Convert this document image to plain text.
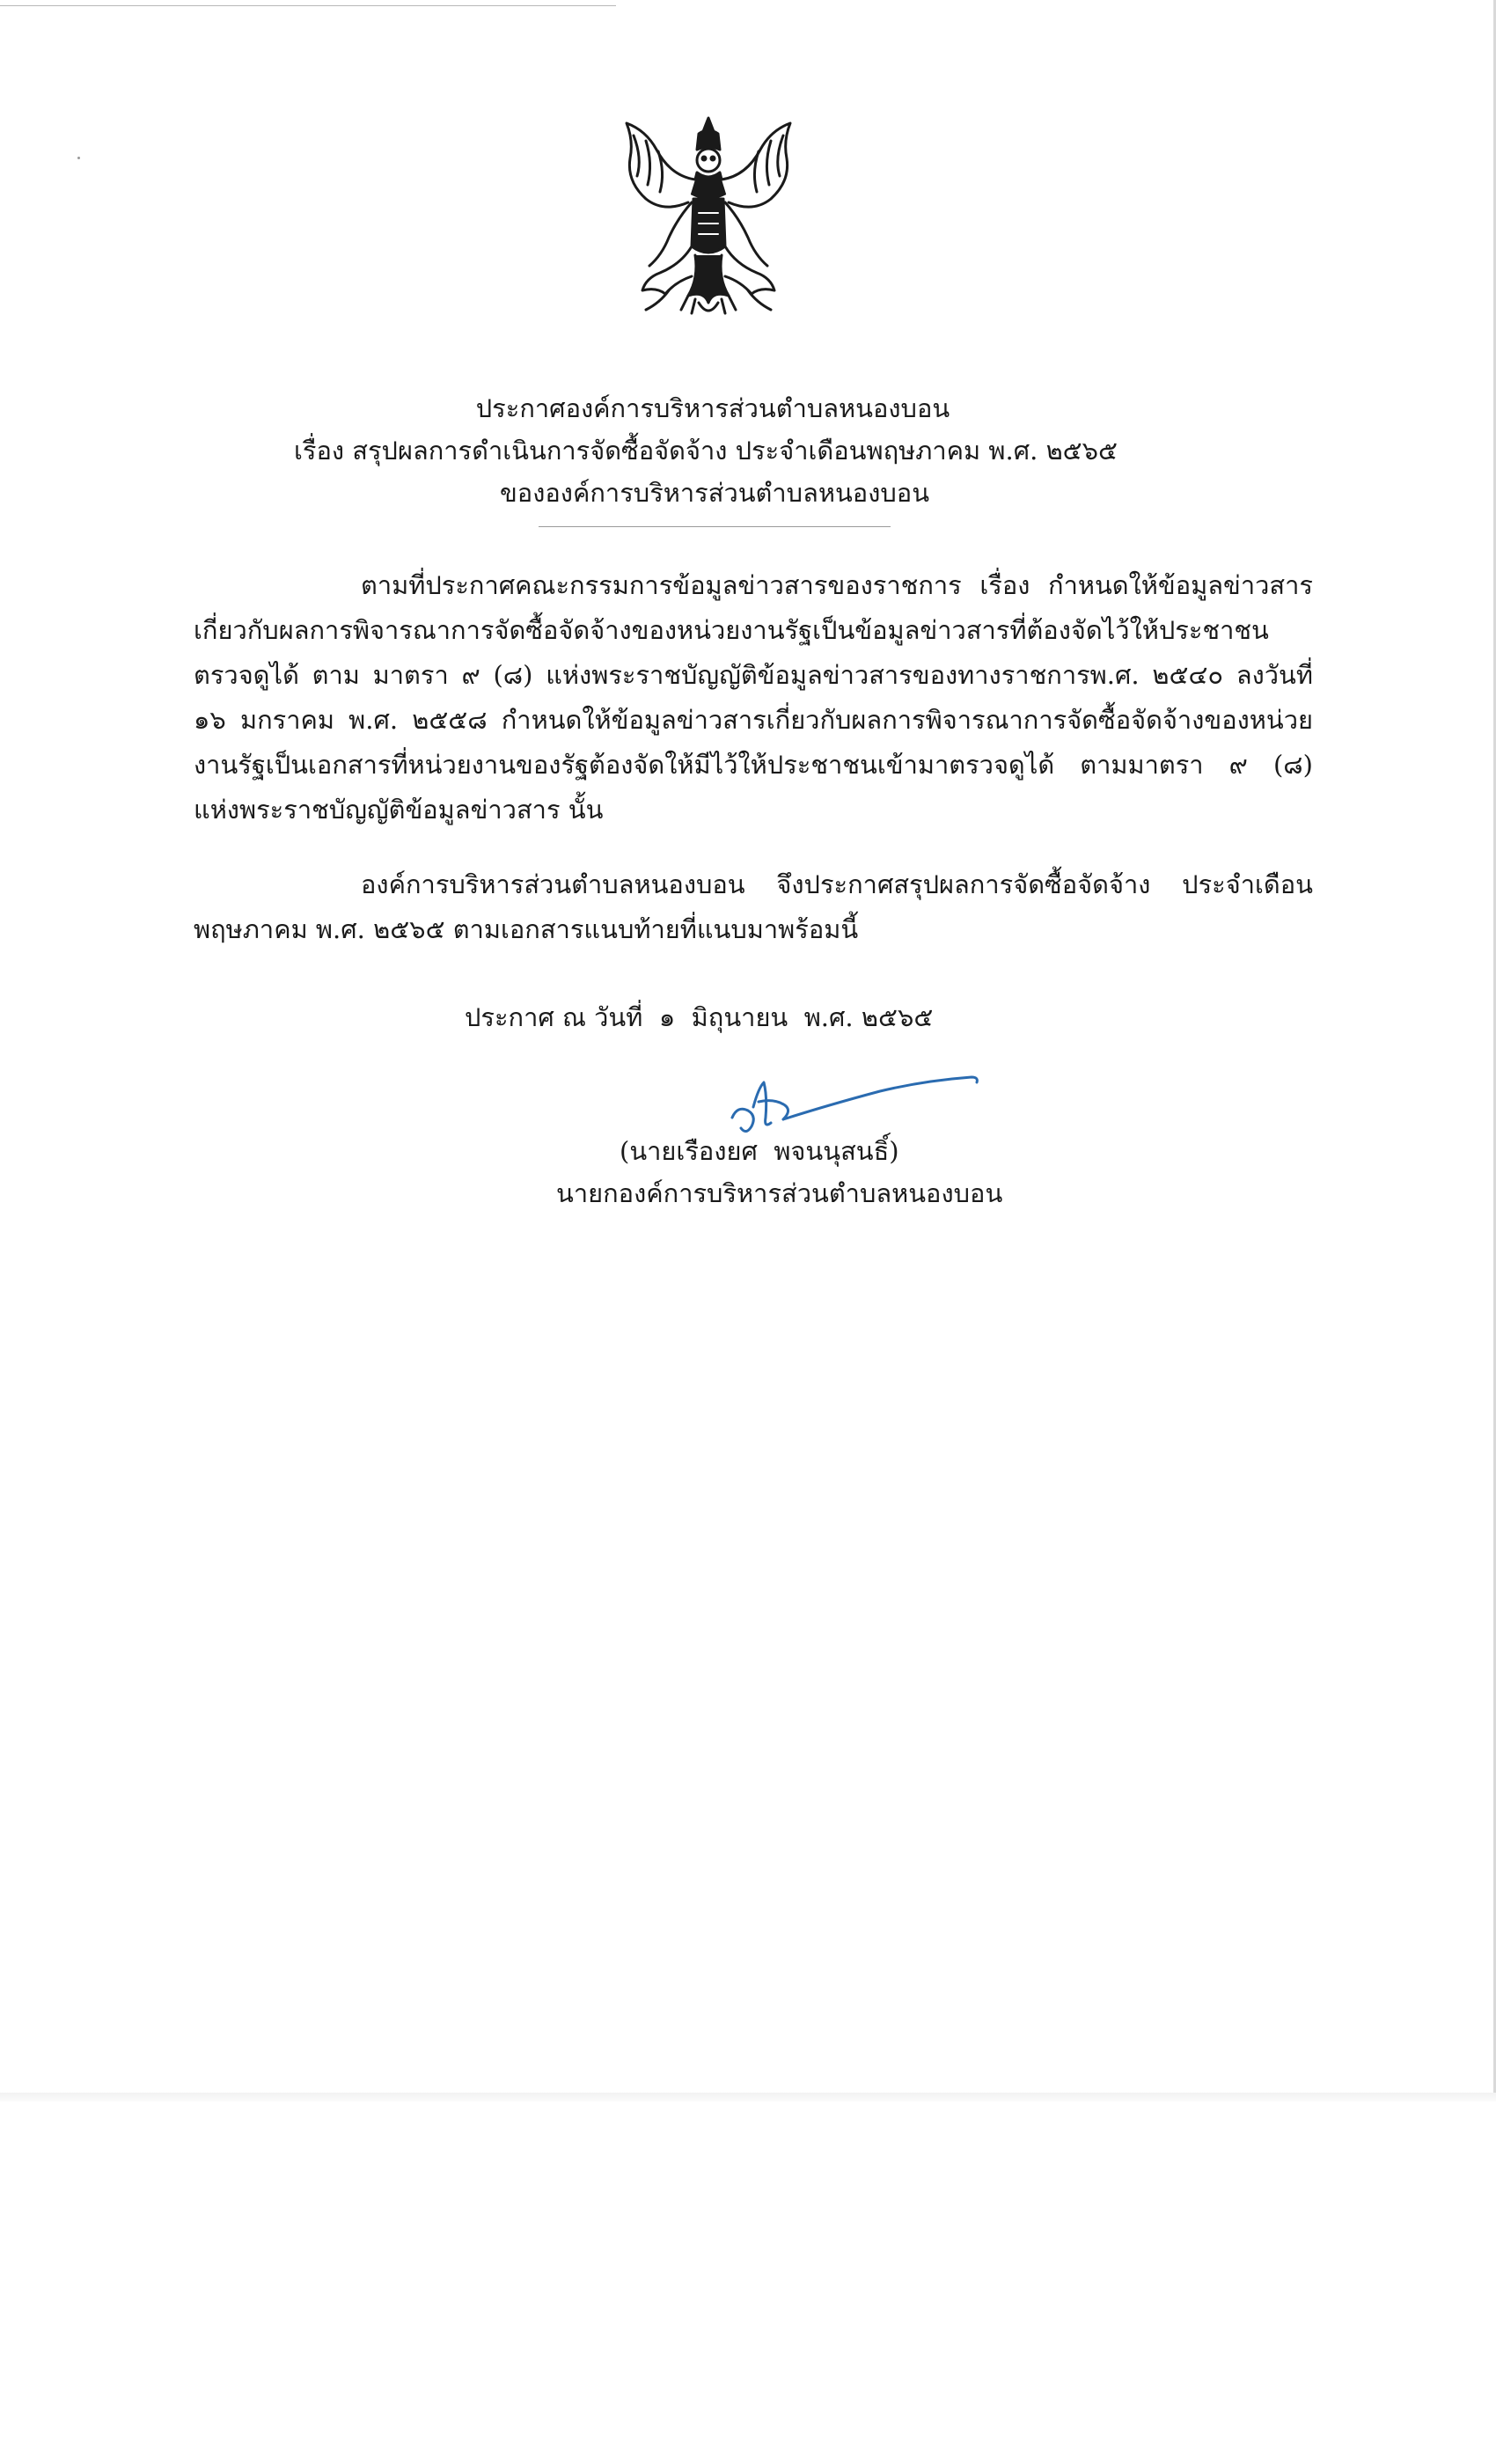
ประกาศองค์การบริหารส่วนตำบลหนองบอน
เรื่อง สรุปผลการดำเนินการจัดซื้อจัดจ้าง ประจำเดือนพฤษภาคม พ.ศ. ๒๕๖๕
ขององค์การบริหารส่วนตำบลหนองบอน
ตามที่ประกาศคณะกรรมการข้อมูลข่าวสารของราชการ เรื่อง กำหนดให้ข้อมูลข่าวสารเกี่ยวกับผลการพิจารณาการจัดซื้อจัดจ้างของหน่วยงานรัฐเป็นข้อมูลข่าวสารที่ต้องจัดไว้ให้ประชาชนตรวจดูได้ ตาม มาตรา ๙ (๘) แห่งพระราชบัญญัติข้อมูลข่าวสารของทางราชการพ.ศ. ๒๕๔๐ ลงวันที่ ๑๖ มกราคม พ.ศ. ๒๕๕๘ กำหนดให้ข้อมูลข่าวสารเกี่ยวกับผลการพิจารณาการจัดซื้อจัดจ้างของหน่วยงานรัฐเป็นเอกสารที่หน่วยงานของรัฐต้องจัดให้มีไว้ให้ประชาชนเข้ามาตรวจดูได้ ตามมาตรา ๙ (๘) แห่งพระราชบัญญัติข้อมูลข่าวสาร นั้น
องค์การบริหารส่วนตำบลหนองบอน จึงประกาศสรุปผลการจัดซื้อจัดจ้าง ประจำเดือนพฤษภาคม พ.ศ. ๒๕๖๕ ตามเอกสารแนบท้ายที่แนบมาพร้อมนี้
ประกาศ ณ วันที่  ๑  มิถุนายน  พ.ศ. ๒๕๖๕
(นายเรืองยศ  พจนนุสนธิ์)
นายกองค์การบริหารส่วนตำบลหนองบอน
